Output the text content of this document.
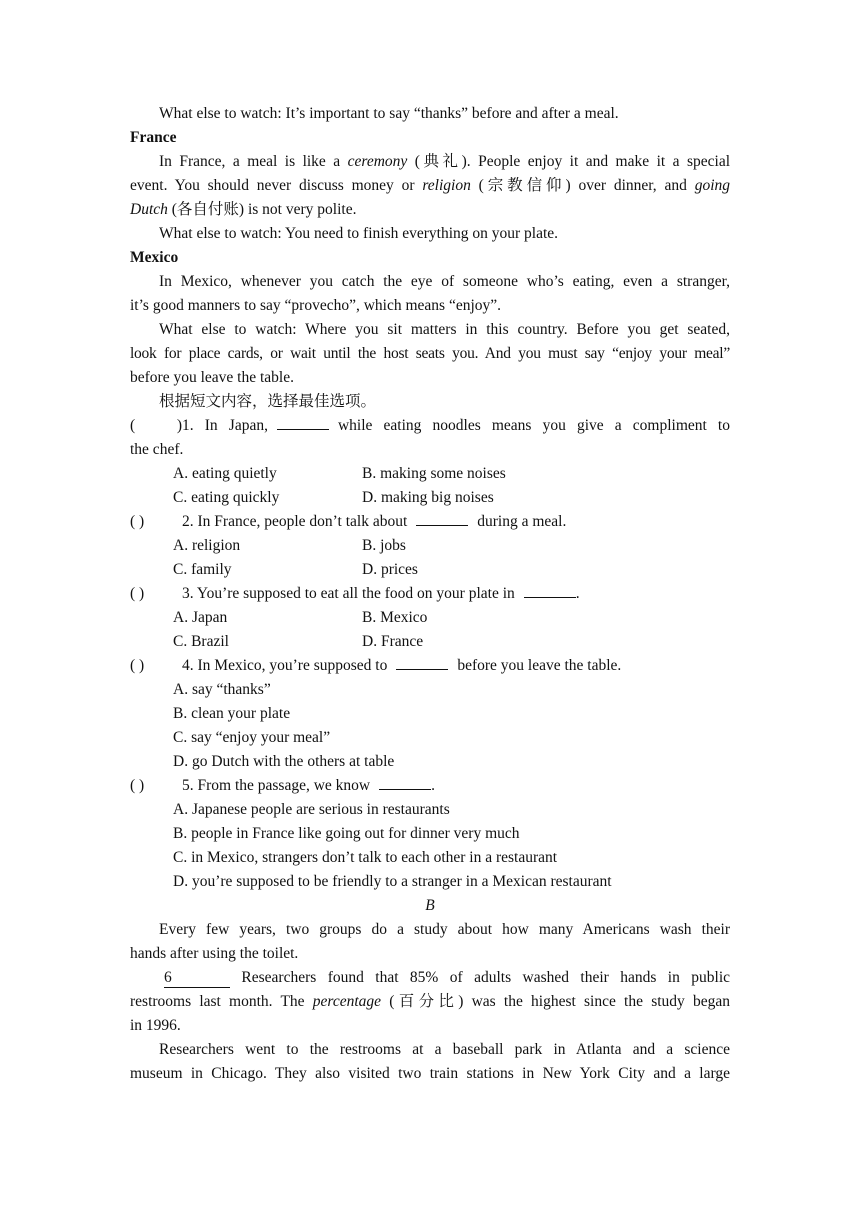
What else to watch: It’s important to say “thanks” before and after a meal.
France
In France, a meal is like a ceremony (典礼). People enjoy it and make it a special
event. You should never discuss money or religion (宗教信仰) over dinner, and going
Dutch (各自付账) is not very polite.
What else to watch: You need to finish everything on your plate.
Mexico
In Mexico, whenever you catch the eye of someone who’s eating, even a stranger,
it’s good manners to say “provecho”, which means “enjoy”.
What else to watch: Where you sit matters in this country. Before you get seated,
look for place cards, or wait until the host seats you. And you must say “enjoy your meal”
before you leave the table.
根据短文内容，选择最佳选项。
( )1. In Japan,	while eating noodles means you give a compliment to
the chef.
A. eating quietly	B. making some noises
C. eating quickly	D. making big noises
( ) 2. In France, people don’t talk about	during a meal.
A. religion	B. jobs
C. family	D. prices
( ) 3. You’re supposed to eat all the food on your plate in	.
A. Japan	B. Mexico
C. Brazil	D. France
( ) 4. In Mexico, you’re supposed to	before you leave the table.
A. say “thanks”
B. clean your plate
C. say “enjoy your meal”
D. go Dutch with the others at table
( ) 5. From the passage, we know	.
A. Japanese people are serious in restaurants
B. people in France like going out for dinner very much
C. in Mexico, strangers don’t talk to each other in a restaurant
D. you’re supposed to be friendly to a stranger in a Mexican restaurant
B
Every few years, two groups do a study about how many Americans wash their
hands after using the toilet.
6	Researchers found that 85% of adults washed their hands in public
restrooms last month. The percentage (百分比) was the highest since the study began
in 1996.
Researchers went to the restrooms at a baseball park in Atlanta and a science
museum in Chicago. They also visited two train stations in New York City and a large
